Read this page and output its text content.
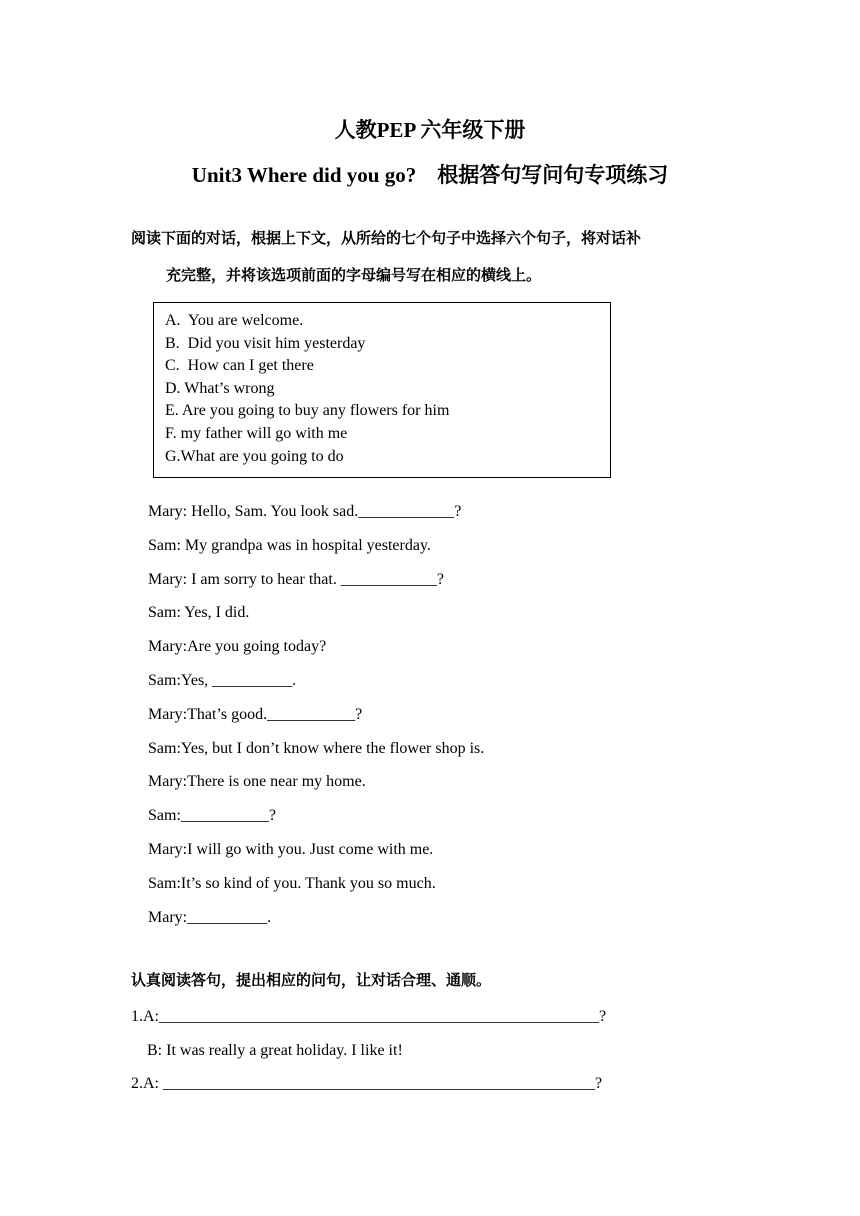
人教PEP 六年级下册
Unit3 Where did you go?　根据答句写问句专项练习
阅读下面的对话，根据上下文，从所给的七个句子中选择六个句子，将对话补
充完整，并将该选项前面的字母编号写在相应的横线上。
A.  You are welcome.
B.  Did you visit him yesterday
C.  How can I get there
D. What’s wrong
E. Are you going to buy any flowers for him
F. my father will go with me
G.What are you going to do
Mary: Hello, Sam. You look sad.____________?
Sam: My grandpa was in hospital yesterday.
Mary: I am sorry to hear that. ____________?
Sam: Yes, I did.
Mary:Are you going today?
Sam:Yes, __________.
Mary:That’s good.___________?
Sam:Yes, but I don’t know where the flower shop is.
Mary:There is one near my home.
Sam:___________?
Mary:I will go with you. Just come with me.
Sam:It’s so kind of you. Thank you so much.
Mary:__________.
认真阅读答句，提出相应的问句，让对话合理、通顺。
1.A:_______________________________________________________?
B: It was really a great holiday. I like it!
2.A: ______________________________________________________?
